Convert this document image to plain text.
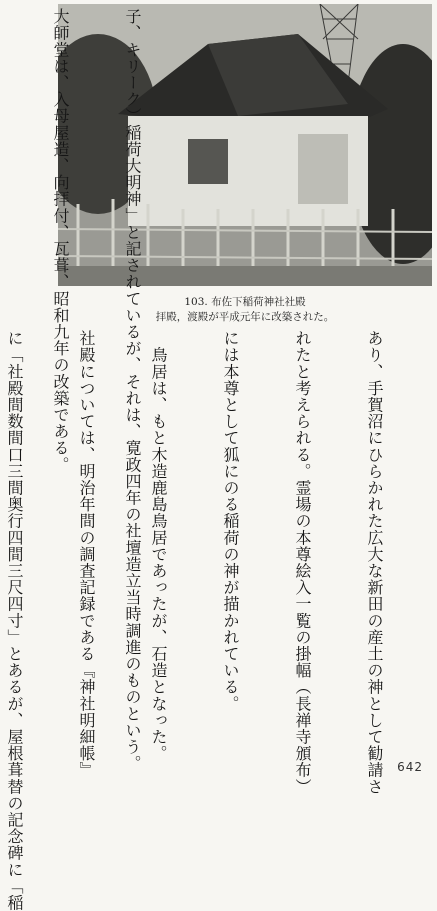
103. 布佐下稲荷神社社殿
拝殿，渡殿が平成元年に改築された。

子、キリーク）稲荷大明神」と記されているが、それは、寛政四年の社壇造立当時調進のものという。

大師堂は、入母屋造、向拝付、瓦葺、昭和九年の改築である。

あり、手賀沼にひらかれた広大な新田の産土の神として勧請さ

れたと考えられる。霊場の本尊絵入一覧の掛幅（長禅寺頒布）

には本尊として狐にのる稲荷の神が描かれている。

　鳥居は、もと木造鹿島鳥居であったが、石造となった。

社殿については、明治年間の調査記録である『神社明細帳』

に「社殿間数間口三間奥行四間三尺四寸」とあるが、屋根葺替の記念碑に「稲

	642
